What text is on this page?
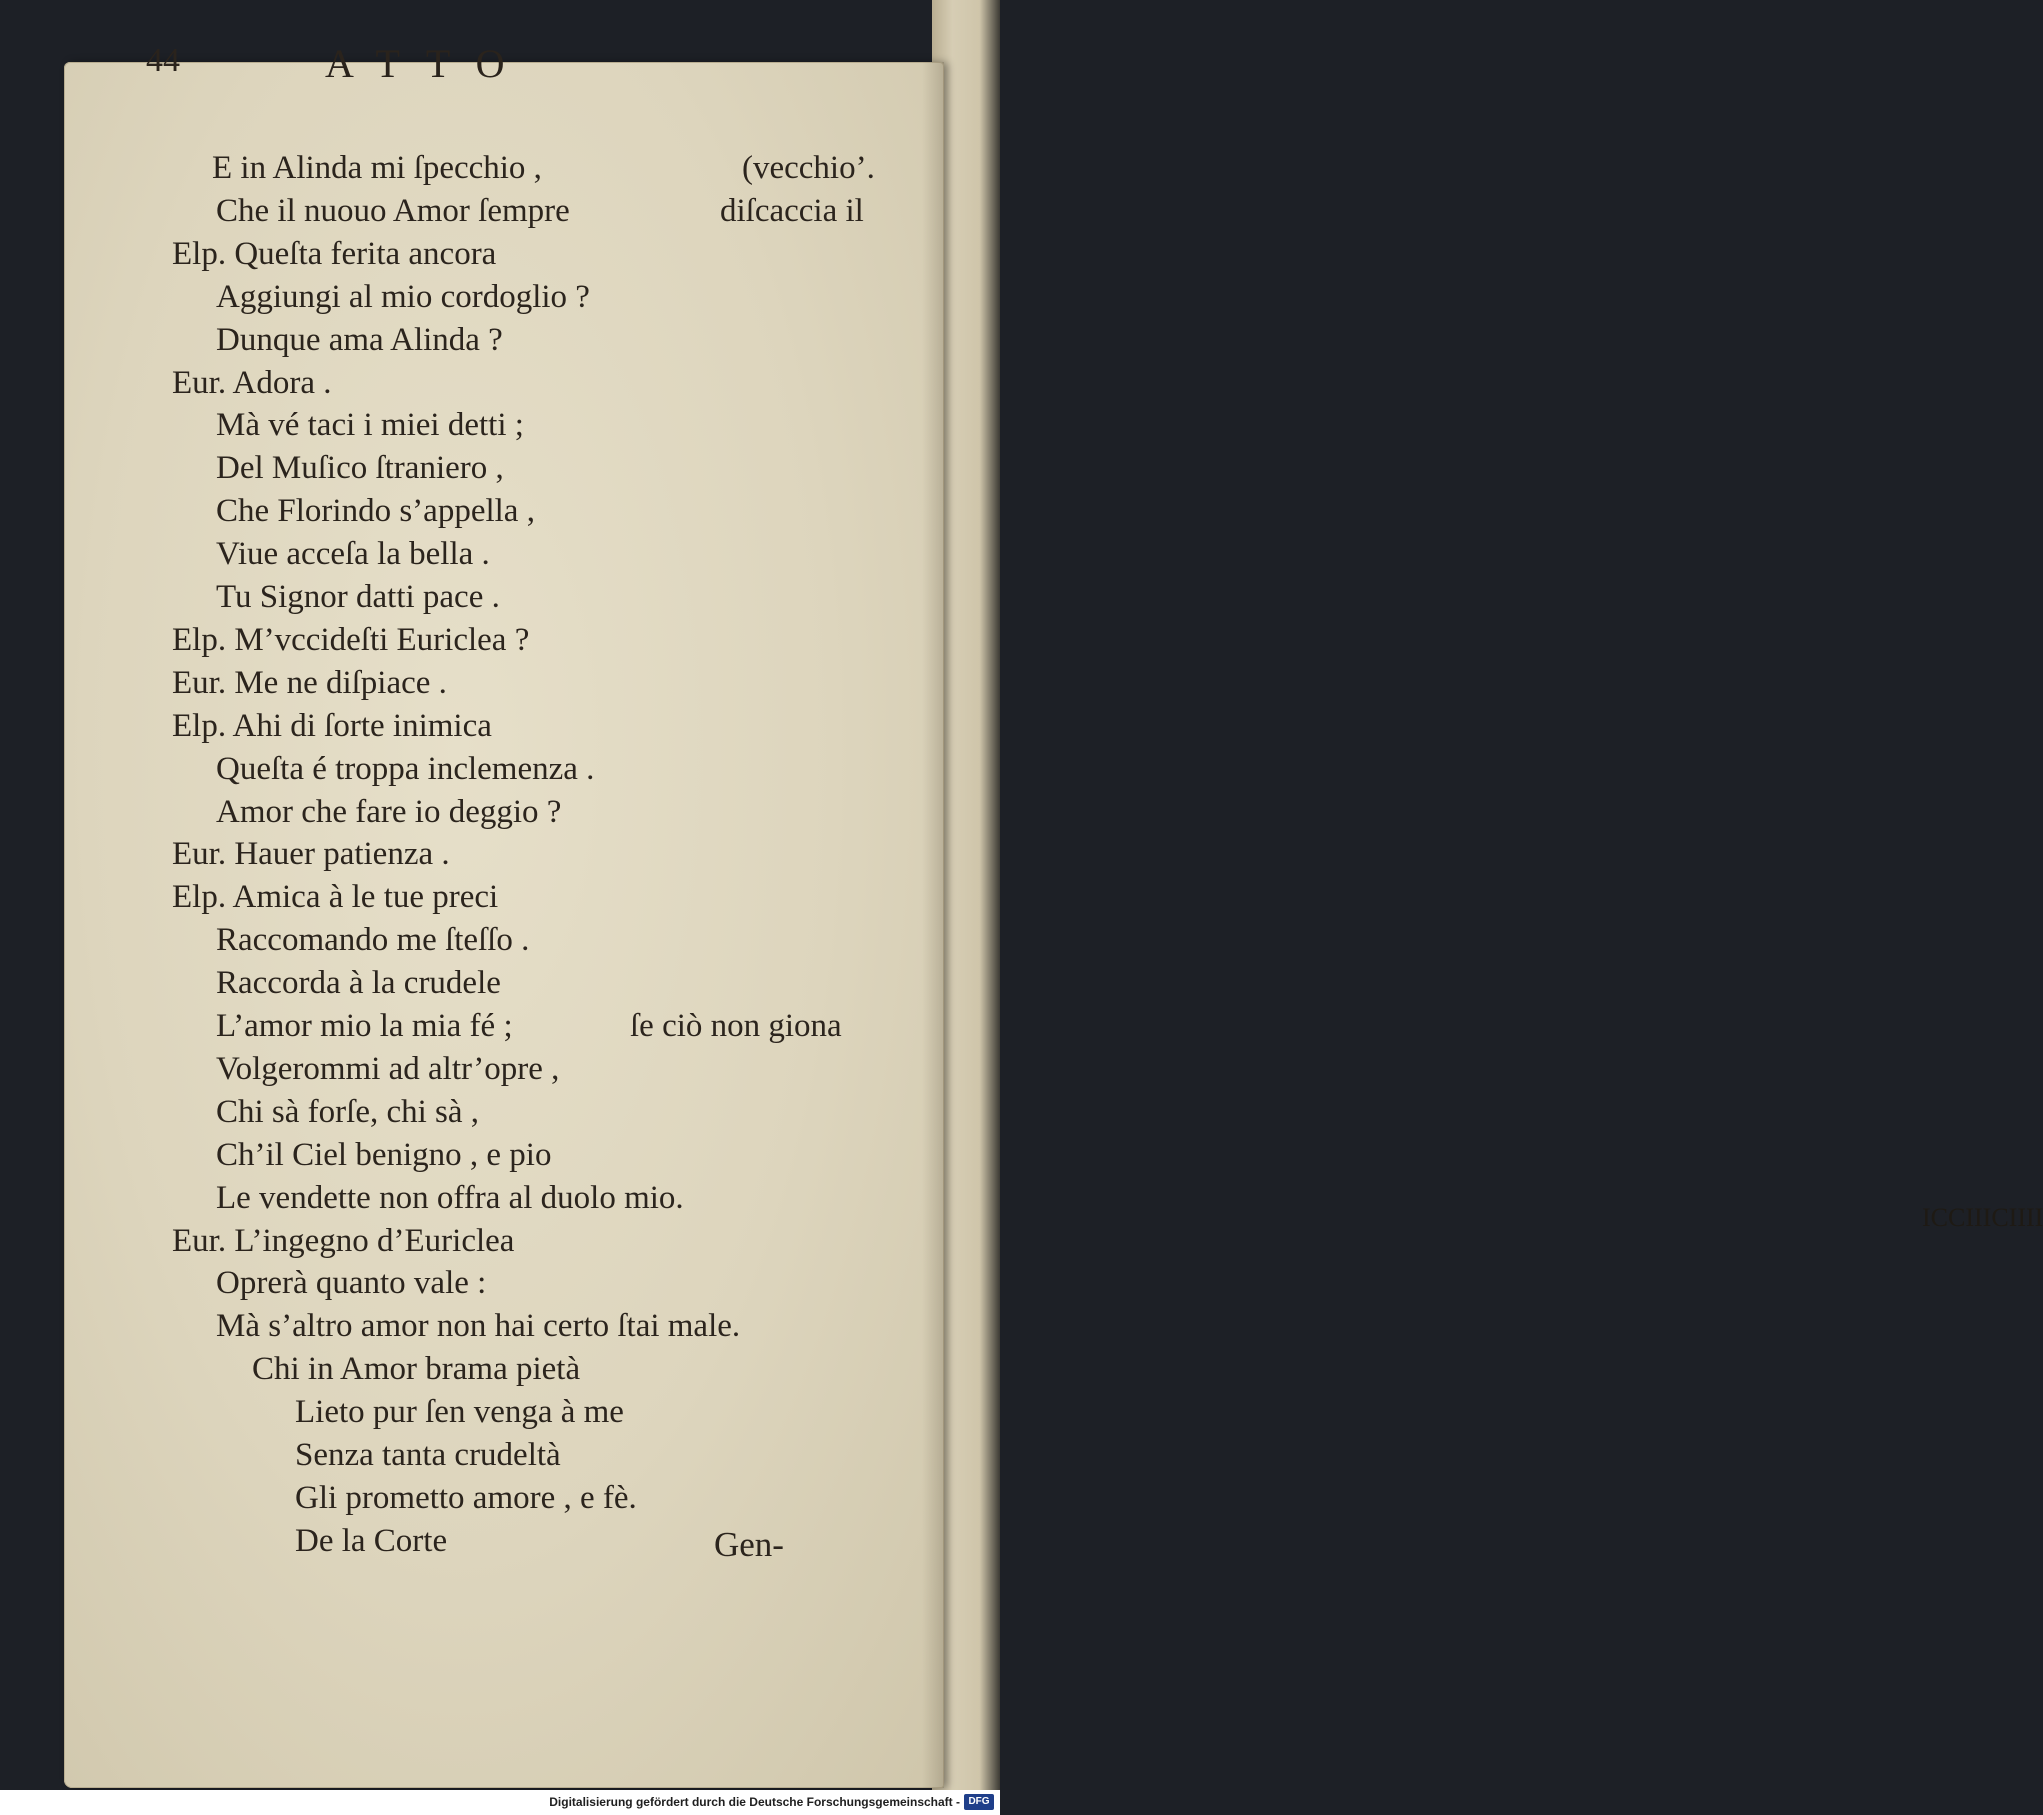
ICCIIICIIII
44	ATTO
E in Alinda mi ſpecchio ,	(vecchio’.
Che il nuouo Amor ſempre	diſcaccia il
Elp. Queſta ferita ancora
Aggiungi al mio cordoglio ?
Dunque ama Alinda ?
Eur. Adora .
Mà vé taci i miei detti ;
Del Muſico ſtraniero ,
Che Florindo s’appella ,
Viue acceſa la bella .
Tu Signor datti pace .
Elp. M’vccideſti Euriclea ?
Eur. Me ne diſpiace .
Elp. Ahi di ſorte inimica
Queſta é troppa inclemenza .
Amor che fare io deggio ?
Eur. Hauer patienza .
Elp. Amica à le tue preci
Raccomando me ſteſſo .
Raccorda à la crudele
L’amor mio la mia fé ;	ſe ciò non giona
Volgerommi ad altr’opre ,
Chi sà forſe, chi sà ,
Ch’il Ciel benigno , e pio
Le vendette non offra al duolo mio.
Eur. L’ingegno d’Euriclea
Oprerà quanto vale :
Mà s’altro amor non hai certo ſtai male.
Chi in Amor brama pietà
Lieto pur ſen venga à me
Senza tanta crudeltà
Gli prometto amore , e fè.
De la Corte	Gen-
Digitalisierung gefördert durch die Deutsche Forschungsgemeinschaft - DFG
